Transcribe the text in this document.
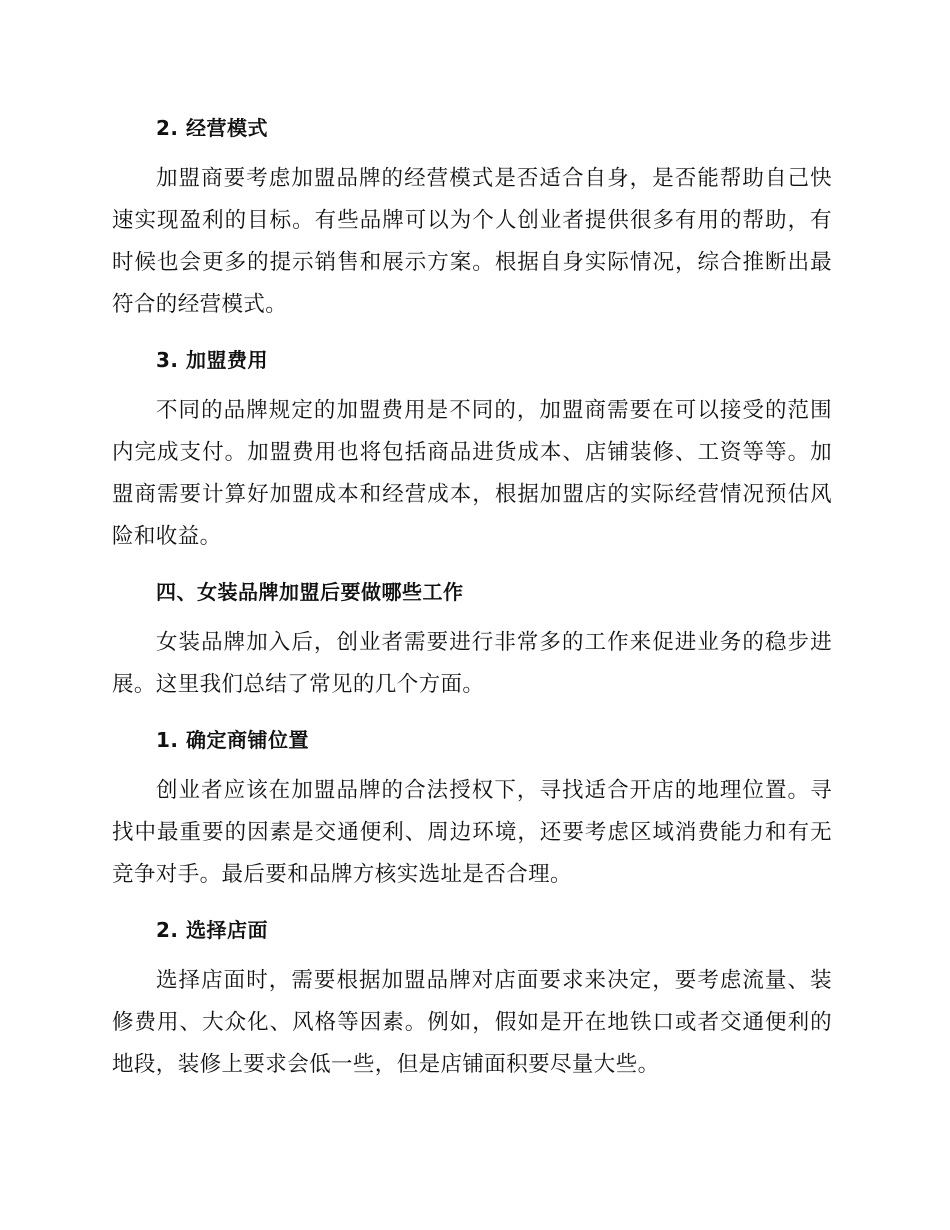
2. 经营模式

加盟商要考虑加盟品牌的经营模式是否适合自身，是否能帮助自己快速实现盈利的目标。有些品牌可以为个人创业者提供很多有用的帮助，有时候也会更多的提示销售和展示方案。根据自身实际情况，综合推断出最符合的经营模式。

3. 加盟费用

不同的品牌规定的加盟费用是不同的，加盟商需要在可以接受的范围内完成支付。加盟费用也将包括商品进货成本、店铺装修、工资等等。加盟商需要计算好加盟成本和经营成本，根据加盟店的实际经营情况预估风险和收益。

四、女装品牌加盟后要做哪些工作

女装品牌加入后，创业者需要进行非常多的工作来促进业务的稳步进展。这里我们总结了常见的几个方面。

1. 确定商铺位置

创业者应该在加盟品牌的合法授权下，寻找适合开店的地理位置。寻找中最重要的因素是交通便利、周边环境，还要考虑区域消费能力和有无竞争对手。最后要和品牌方核实选址是否合理。

2. 选择店面

选择店面时，需要根据加盟品牌对店面要求来决定，要考虑流量、装修费用、大众化、风格等因素。例如，假如是开在地铁口或者交通便利的地段，装修上要求会低一些，但是店铺面积要尽量大些。
